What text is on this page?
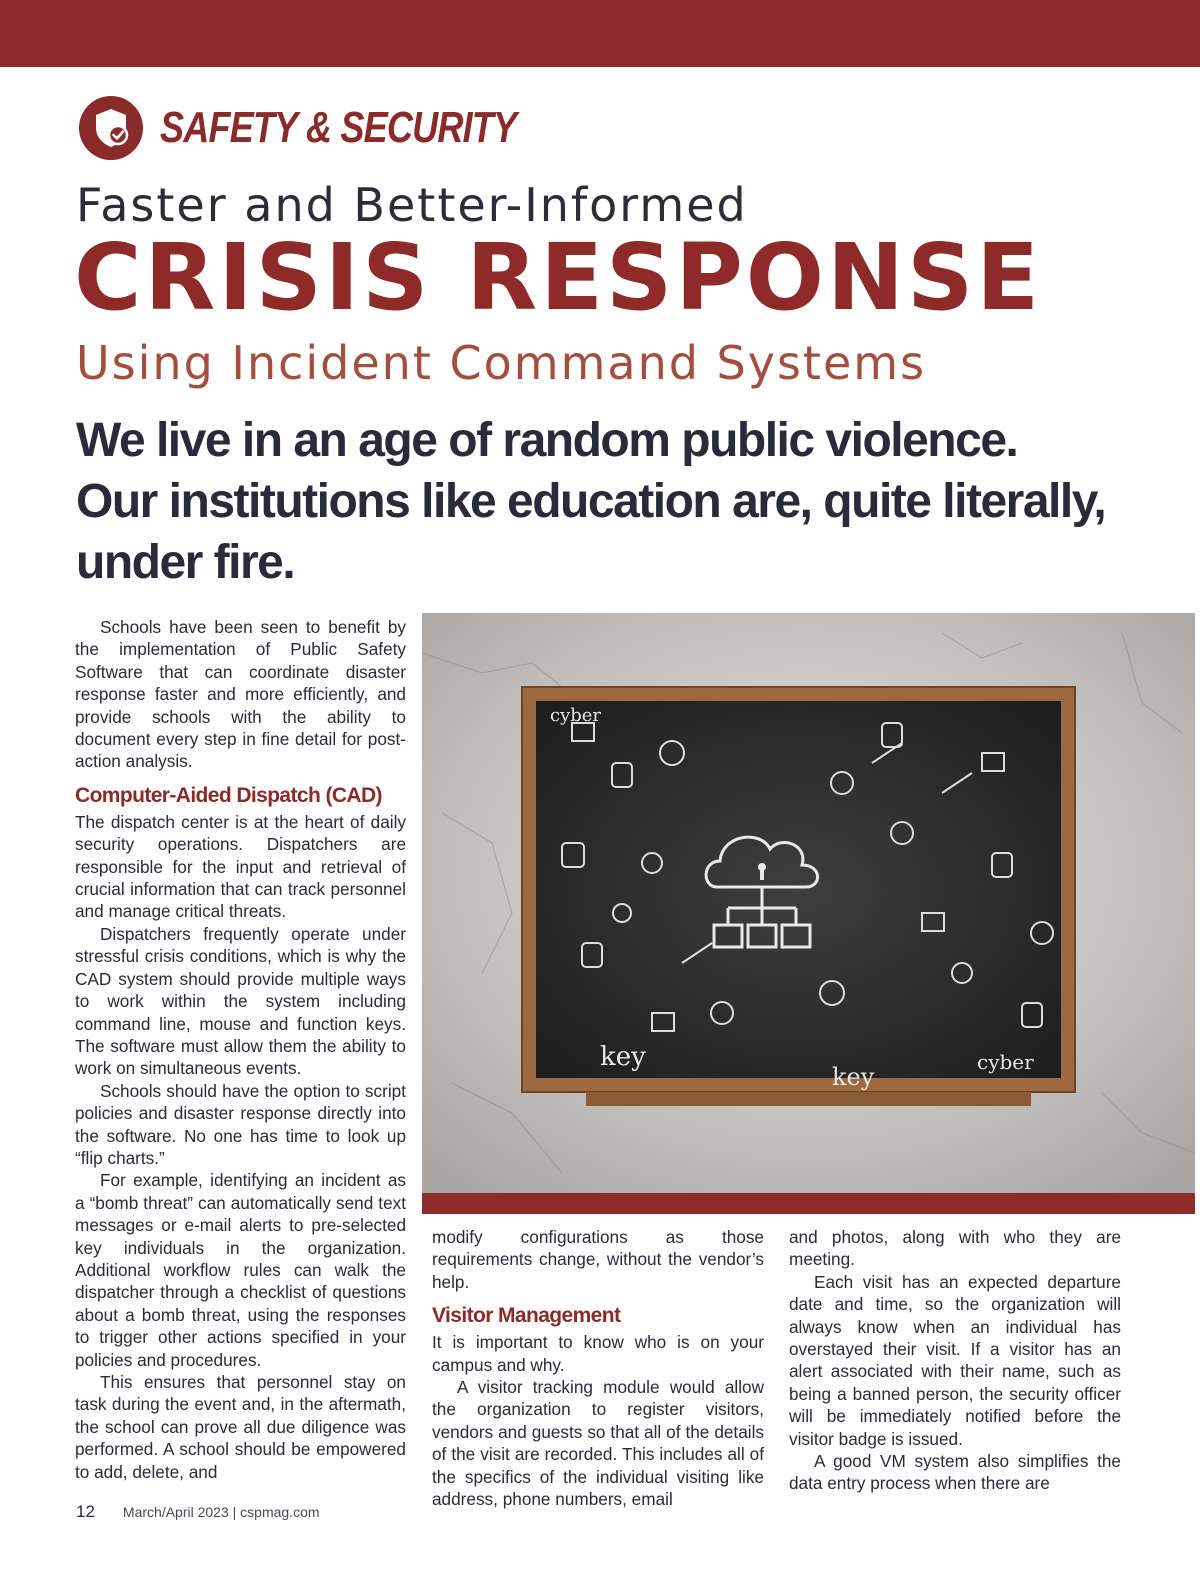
SAFETY & SECURITY
Faster and Better-Informed
CRISIS RESPONSE
Using Incident Command Systems

We live in an age of random public violence.

Our institutions like education are, quite literally,

under fire.

Schools have been seen to benefit by the implementation of Public Safety Software that can coordinate disaster response faster and more efficiently, and provide schools with the ability to document every step in fine detail for post-action analysis.

Computer-Aided Dispatch (CAD)

The dispatch center is at the heart of daily security operations. Dispatchers are responsible for the input and retrieval of crucial information that can track personnel and manage critical threats.

Dispatchers frequently operate under stressful crisis conditions, which is why the CAD system should provide multiple ways to work within the system including command line, mouse and function keys. The software must allow them the ability to work on simultaneous events.

Schools should have the option to script policies and disaster response directly into the software. No one has time to look up “flip charts.”

For example, identifying an incident as a “bomb threat” can automatically send text messages or e-mail alerts to pre-selected key individuals in the organization. Additional workflow rules can walk the dispatcher through a checklist of questions about a bomb threat, using the responses to trigger other actions specified in your policies and procedures.

This ensures that personnel stay on task during the event and, in the aftermath, the school can prove all due diligence was performed. A school should be empowered to add, delete, and

cyber
key
key
cyber

modify configurations as those requirements change, without the vendor’s help.

Visitor Management

It is important to know who is on your campus and why.

A visitor tracking module would allow the organization to register visitors, vendors and guests so that all of the details of the visit are recorded. This includes all of the specifics of the individual visiting like address, phone numbers, email

and photos, along with who they are meeting.

Each visit has an expected departure date and time, so the organization will always know when an individual has overstayed their visit. If a visitor has an alert associated with their name, such as being a banned person, the security officer will be immediately notified before the visitor badge is issued.

A good VM system also simplifies the data entry process when there are

12 March/April 2023 | cspmag.com
